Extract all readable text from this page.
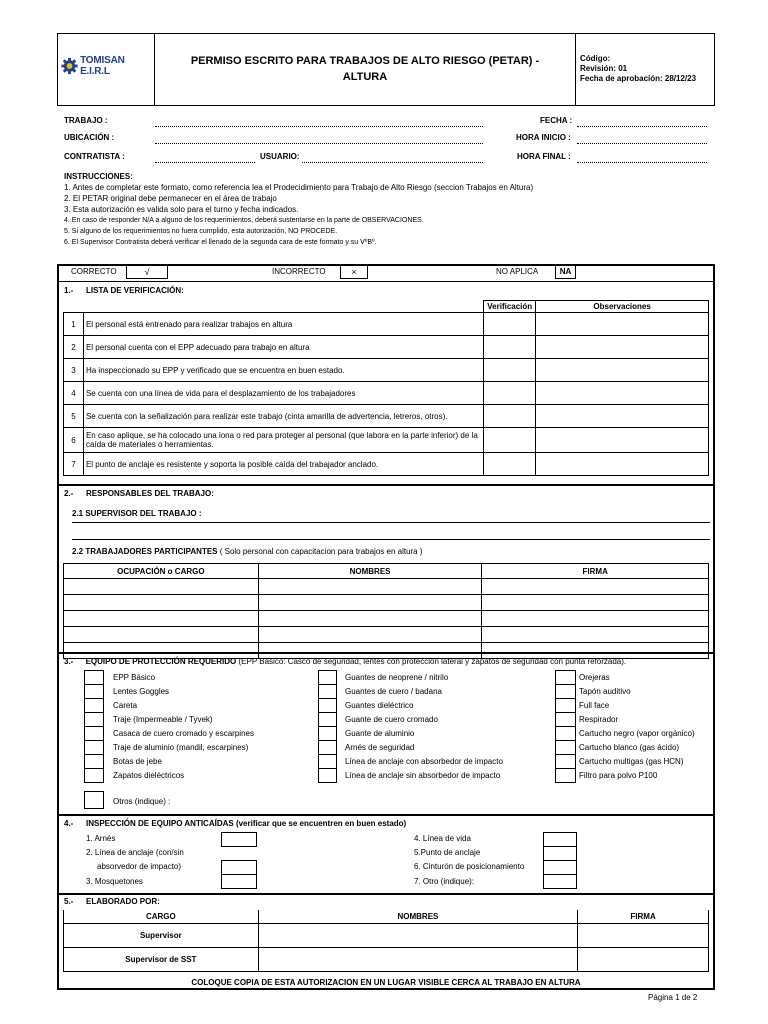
TOMISAN E.I.R.L
PERMISO ESCRITO PARA TRABAJOS DE ALTO RIESGO (PETAR) -
ALTURA
Código:
Revisión: 01
Fecha de aprobación: 28/12/23
TRABAJO :
UBICACIÓN :
CONTRATISTA :	USUARIO:
FECHA :
HORA INICIO :
HORA FINAL :
INSTRUCCIONES:
1. Antes de completar este formato, como referencia lea el Prodecidimiento para Trabajo de Alto Riesgo (seccion Trabajos en Altura)
2. El PETAR original debe permanecer en el área de trabajo
3. Esta autorización es valida solo para el turno y fecha indicados.
4. En caso de responder N/A a alguno de los requerimientos, deberá sustentarse en la parte de OBSERVACIONES.
5. Si alguno de los requerimientos no fuera cumplido, esta autorización, NO PROCEDE.
6. El Supervisor Contratista deberá verificar el llenado de la segunda cara de este formato y su VºBº.
CORRECTO	√	INCORRECTO	×	NO APLICA	NA
1.- LISTA DE VERIFICACIÓN:
		Verificación	Observaciones
1	El personal está entrenado para realizar trabajos en altura		
2	El personal cuenta con el EPP adecuado para trabajo en altura		
3	Ha inspeccionado su EPP y verificado que se encuentra en buen estado.		
4	Se cuenta con una línea de vida para el desplazamiento de los trabajadores		
5	Se cuenta con la señalización para realizar este trabajo (cinta amarilla de advertencia, letreros, otros).		
6	En caso aplique, se ha colocado una lona o red para proteger al personal (que labora en la parte inferior) de la caída de materiales o herramientas.		
7	El punto de anclaje es resistente y soporta la posible caída del trabajador anclado.		
2.- RESPONSABLES DEL TRABAJO:
2.1 SUPERVISOR DEL TRABAJO :
2.2 TRABAJADORES PARTICIPANTES ( Solo personal con capacitacion para trabajos en altura )
OCUPACIÓN o CARGO	NOMBRES	FIRMA

3.- EQUIPO DE PROTECCIÓN REQUERIDO (EPP Básico: Casco de seguridad, lentes con protección lateral y zapatos de seguridad con punta reforzada).
EPP Básico
Lentes Goggles
Careta
Traje (Impermeable / Tyvek)
Casaca de cuero cromado y escarpines
Traje de aluminio (mandil, escarpines)
Botas de jebe
Zapatos dieléctricos
Otros (indique) :
Guantes de neoprene / nitrilo
Guantes de cuero / badana
Guantes dieléctrico
Guante de cuero cromado
Guante de aluminio
Arnés de seguridad
Línea de anclaje con absorbedor de impacto
Línea de anclaje sin absorbedor de impacto
Orejeras
Tapón auditivo
Full face
Respirador
Cartucho negro (vapor orgánico)
Cartucho blanco (gas ácido)
Cartucho multigas (gas HCN)
Filtro para polvo P100
4.- INSPECCIÓN DE EQUIPO ANTICAÍDAS (verificar que se encuentren en buen estado)
1. Arnés
2. Línea de anclaje (con/sin
absorvedor de impacto)
3. Mosquetones
4. Línea de vida
5.Punto de anclaje
6. Cinturón de posicionamiento
7. Otro (indique):
5.- ELABORADO POR:
CARGO	NOMBRES	FIRMA
Supervisor		
Supervisor de SST		
COLOQUE COPIA DE ESTA AUTORIZACION EN UN LUGAR VISIBLE CERCA AL TRABAJO EN ALTURA
Página 1 de 2
